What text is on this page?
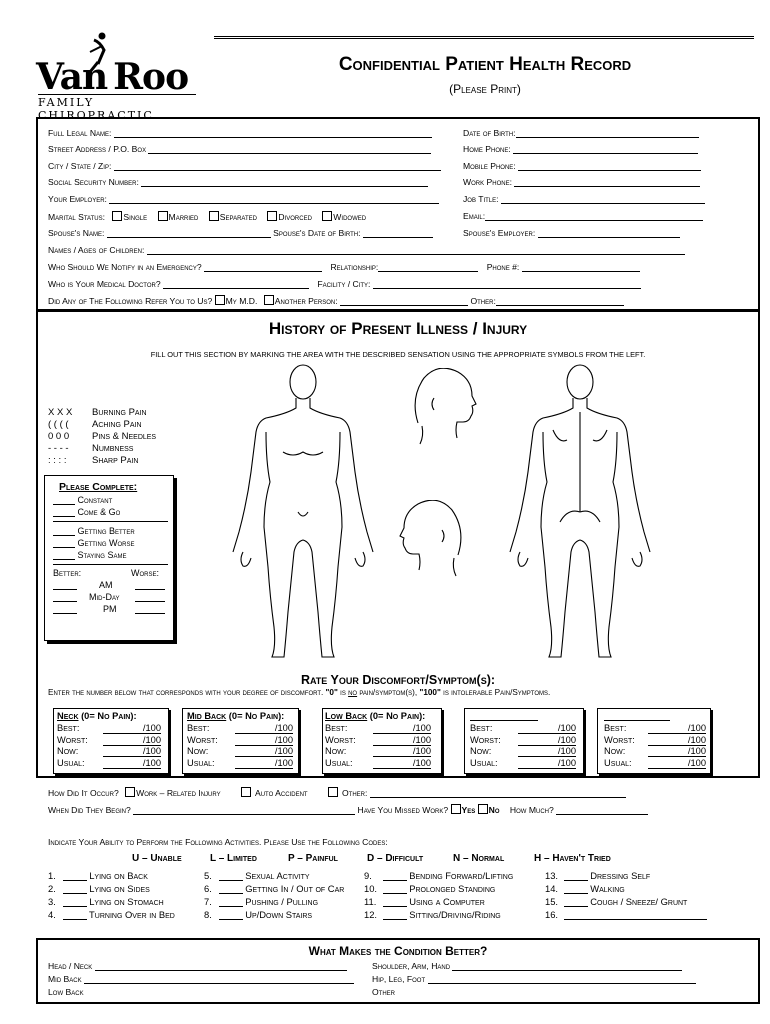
Van Roo
FAMILY CHIROPRACTIC
Confidential Patient Health Record
(Please Print)
Full Legal Name:	Date of Birth:
Street Address / P.O. Box	Home Phone:
City / State / Zip:	Mobile Phone:
Social Security Number:	Work Phone:
Your Employer:	Job Title:
Marital Status: Single Married Separated Divorced Widowed	Email:
Spouse's Name:	Spouse's Date of Birth:	Spouse's Employer:
Names / Ages of Children:
Who Should We Notify in an Emergency?	Relationship:	Phone #:
Who is Your Medical Doctor?	Facility / City:
Did Any of The Following Refer You to Us? My M.D. Another Person:	Other:
History of Present Illness / Injury
FILL OUT THIS SECTION BY MARKING THE AREA WITH THE DESCRIBED SENSATION USING THE APPROPRIATE SYMBOLS FROM THE LEFT.
X X X Burning Pain
( ( ( ( Aching Pain
0 0 0 Pins & Needles
- - - - Numbness
: : : :	Sharp Pain
Please Complete:
Constant
Come & Go
Getting Better
Getting Worse
Staying Same
Better:	Worse:
AM
Mid-Day
PM
Rate Your Discomfort/Symptom(s):
Enter the number below that corresponds with your degree of discomfort. "0" is no pain/symptom(s), "100" is intolerable Pain/Symptoms.
Neck (0= No Pain):
Best:	/100
Worst:	/100
Now:	/100
Usual:	/100
Mid Back (0= No Pain):
Best:	/100
Worst:	/100
Now:	/100
Usual:	/100
Low Back (0= No Pain):
Best:	/100
Worst:	/100
Now:	/100
Usual:	/100
Best:	/100
Worst:	/100
Now:	/100
Usual:	/100
Best:	/100
Worst:	/100
Now:	/100
Usual:	/100
How Did It Occur? Work – Related Injury	Auto Accident	Other:
When Did They Begin?	Have You Missed Work? Yes No How Much?
Indicate Your Ability to Perform the Following Activities. Please Use the Following Codes:
U – Unable	L – Limited	P – Painful	D – Difficult	N – Normal	H – Haven't Tried
1.	Lying on Back
2.	Lying on Sides
3.	Lying on Stomach
4.	Turning Over in Bed
5.	Sexual Activity
6.	Getting In / Out of Car
7.	Pushing / Pulling
8.	Up/Down Stairs
9.	Bending Forward/Lifting
10.	Prolonged Standing
11.	Using a Computer
12.	Sitting/Driving/Riding
13.	Dressing Self
14.	Walking
15.	Cough / Sneeze/ Grunt
16.
What Makes the Condition Better?
Head / Neck	Shoulder, Arm, Hand
Mid Back	Hip, Leg, Foot
Low Back	Other
